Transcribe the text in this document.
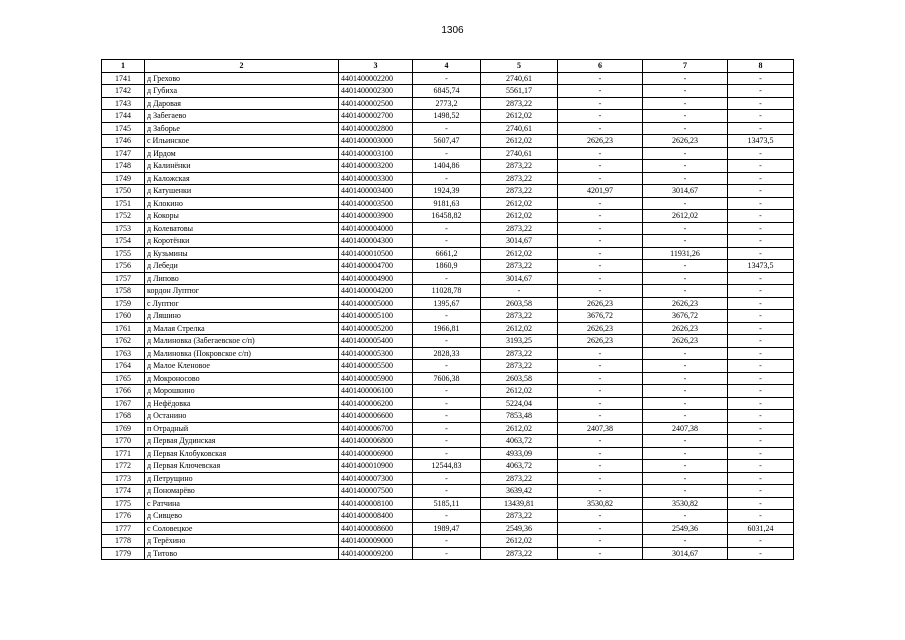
1306
1	2	3	4	5	6	7	8
1741	д Грехово	4401400002200	-	2740,61	-	-	-
1742	д Губиха	4401400002300	6845,74	5561,17	-	-	-
1743	д Даровая	4401400002500	2773,2	2873,22	-	-	-
1744	д Забегаево	4401400002700	1498,52	2612,02	-	-	-
1745	д Заборье	4401400002800	-	2740,61	-	-	-
1746	с Ильинское	4401400003000	5607,47	2612,02	2626,23	2626,23	13473,5
1747	д Ирдом	4401400003100	-	2740,61	-	-	-
1748	д Калинёнки	4401400003200	1404,86	2873,22	-	-	-
1749	д Каложская	4401400003300	-	2873,22	-	-	-
1750	д Катушенки	4401400003400	1924,39	2873,22	4201,97	3014,67	-
1751	д Клокино	4401400003500	9181,63	2612,02	-	-	-
1752	д Кокоры	4401400003900	16458,82	2612,02	-	2612,02	-
1753	д Колеватовы	4401400004000	-	2873,22	-	-	-
1754	д Коротёнки	4401400004300	-	3014,67	-	-	-
1755	д Кузьмины	4401400010500	6661,2	2612,02	-	11931,26	-
1756	д Лебеди	4401400004700	1860,9	2873,22	-	-	13473,5
1757	д Липово	4401400004900	-	3014,67	-	-	-
1758	кордон Луптюг	4401400004200	11028,78	-	-	-	-
1759	с Луптюг	4401400005000	1395,67	2603,58	2626,23	2626,23	-
1760	д Ляшино	4401400005100	-	2873,22	3676,72	3676,72	-
1761	д Малая Стрелка	4401400005200	1966,81	2612,02	2626,23	2626,23	-
1762	д Малиновка (Забегаевское с/п)	4401400005400	-	3193,25	2626,23	2626,23	-
1763	д Малиновка (Покровское с/п)	4401400005300	2828,33	2873,22	-	-	-
1764	д Малое Кленовое	4401400005500	-	2873,22	-	-	-
1765	д Мокроносово	4401400005900	7606,38	2603,58	-	-	-
1766	д Морошкино	4401400006100	-	2612,02	-	-	-
1767	д Нефёдовка	4401400006200	-	5224,04	-	-	-
1768	д Останино	4401400006600	-	7853,48	-	-	-
1769	п Отрадный	4401400006700	-	2612,02	2407,38	2407,38	-
1770	д Первая Дудинская	4401400006800	-	4063,72	-	-	-
1771	д Первая Клобуковская	4401400006900	-	4933,09	-	-	-
1772	д Первая Ключевская	4401400010900	12544,83	4063,72	-	-	-
1773	д Петрущино	4401400007300	-	2873,22	-	-	-
1774	д Пономарёво	4401400007500	-	3639,42	-	-	-
1775	с Ратчина	4401400008100	5185,11	13439,81	3530,82	3530,82	-
1776	д Сивцево	4401400008400	-	2873,22	-	-	-
1777	с Соловецкое	4401400008600	1989,47	2549,36	-	2549,36	6031,24
1778	д Терёхино	4401400009000	-	2612,02	-	-	-
1779	д Титово	4401400009200	-	2873,22	-	3014,67	-
